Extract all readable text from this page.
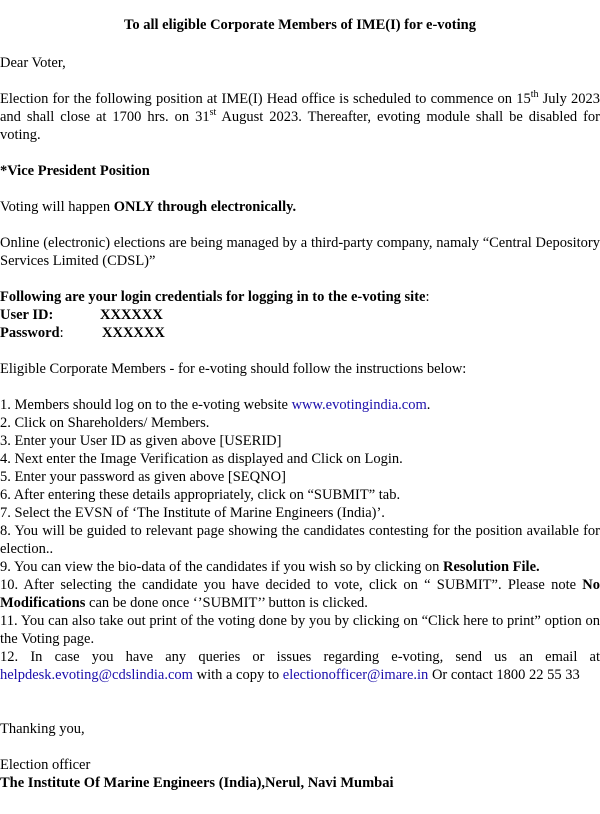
To all eligible Corporate Members of IME(I) for e-voting

Dear Voter,

Election for the following position at IME(I) Head office is scheduled to commence on 15th July 2023 and shall close at 1700 hrs. on 31st August 2023. Thereafter, evoting module shall be disabled for voting.

*Vice President Position

Voting will happen ONLY through electronically.

Online (electronic) elections are being managed by a third-party company, namaly “Central Depository Services Limited (CDSL)”

Following are your login credentials for logging in to the e-voting site:

User ID:	XXXXXX
Password:	XXXXXX

Eligible Corporate Members - for e-voting should follow the instructions below:

1. Members should log on to the e-voting website www.evotingindia.com.

2. Click on Shareholders/ Members.

3. Enter your User ID as given above [USERID]

4. Next enter the Image Verification as displayed and Click on Login.

5. Enter your password as given above [SEQNO]

6. After entering these details appropriately, click on “SUBMIT” tab.

7. Select the EVSN of ‘The Institute of Marine Engineers (India)’.

8. You will be guided to relevant page showing the candidates contesting for the position available for election..

9. You can view the bio-data of the candidates if you wish so by clicking on Resolution File.

10. After selecting the candidate you have decided to vote, click on “ SUBMIT”. Please note No Modifications can be done once ‘’SUBMIT’’ button is clicked.

11. You can also take out print of the voting done by you by clicking on “Click here to print” option on the Voting page.

12. In case you have any queries or issues regarding e-voting, send us an email at helpdesk.evoting@cdslindia.com with a copy to electionofficer@imare.in Or contact 1800 22 55 33

Thanking you,

Election officer

The Institute Of Marine Engineers (India),Nerul, Navi Mumbai
